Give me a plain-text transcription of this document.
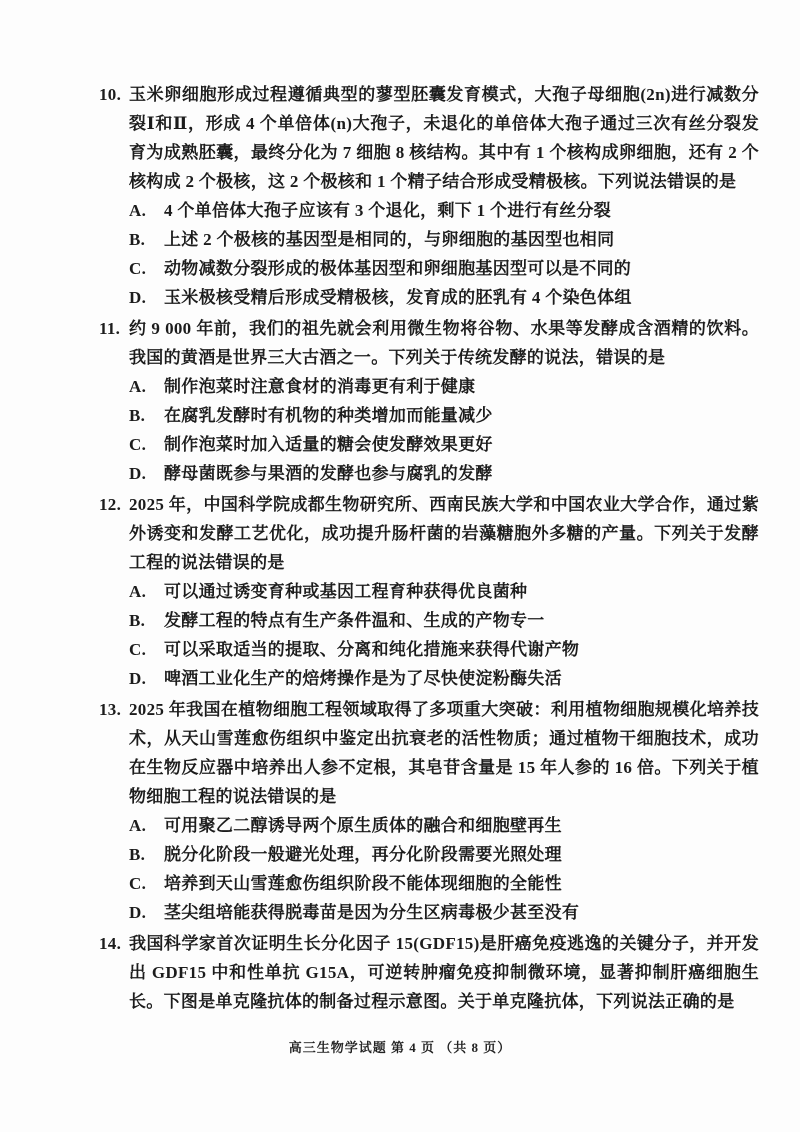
10. 玉米卵细胞形成过程遵循典型的蓼型胚囊发育模式，大孢子母细胞(2n)进行减数分裂Ⅰ和Ⅱ，形成 4 个单倍体(n)大孢子，未退化的单倍体大孢子通过三次有丝分裂发育为成熟胚囊，最终分化为 7 细胞 8 核结构。其中有 1 个核构成卵细胞，还有 2 个核构成 2 个极核，这 2 个极核和 1 个精子结合形成受精极核。下列说法错误的是

A.	4 个单倍体大孢子应该有 3 个退化，剩下 1 个进行有丝分裂
B.	上述 2 个极核的基因型是相同的，与卵细胞的基因型也相同
C.	动物减数分裂形成的极体基因型和卵细胞基因型可以是不同的
D.	玉米极核受精后形成受精极核，发育成的胚乳有 4 个染色体组
11. 约 9 000 年前，我们的祖先就会利用微生物将谷物、水果等发酵成含酒精的饮料。我国的黄酒是世界三大古酒之一。下列关于传统发酵的说法，错误的是

A.	制作泡菜时注意食材的消毒更有利于健康
B.	在腐乳发酵时有机物的种类增加而能量减少
C.	制作泡菜时加入适量的糖会使发酵效果更好
D.	酵母菌既参与果酒的发酵也参与腐乳的发酵
12. 2025 年，中国科学院成都生物研究所、西南民族大学和中国农业大学合作，通过紫外诱变和发酵工艺优化，成功提升肠杆菌的岩藻糖胞外多糖的产量。下列关于发酵工程的说法错误的是

A.	可以通过诱变育种或基因工程育种获得优良菌种
B.	发酵工程的特点有生产条件温和、生成的产物专一
C.	可以采取适当的提取、分离和纯化措施来获得代谢产物
D.	啤酒工业化生产的焙烤操作是为了尽快使淀粉酶失活
13. 2025 年我国在植物细胞工程领域取得了多项重大突破：利用植物细胞规模化培养技术，从天山雪莲愈伤组织中鉴定出抗衰老的活性物质；通过植物干细胞技术，成功在生物反应器中培养出人参不定根，其皂苷含量是 15 年人参的 16 倍。下列关于植物细胞工程的说法错误的是

A.	可用聚乙二醇诱导两个原生质体的融合和细胞壁再生
B.	脱分化阶段一般避光处理，再分化阶段需要光照处理
C.	培养到天山雪莲愈伤组织阶段不能体现细胞的全能性
D.	茎尖组培能获得脱毒苗是因为分生区病毒极少甚至没有
14. 我国科学家首次证明生长分化因子 15(GDF15)是肝癌免疫逃逸的关键分子，并开发出 GDF15 中和性单抗 G15A，可逆转肿瘤免疫抑制微环境，显著抑制肝癌细胞生长。下图是单克隆抗体的制备过程示意图。关于单克隆抗体，下列说法正确的是

高三生物学试题 第 4 页 （共 8 页）
